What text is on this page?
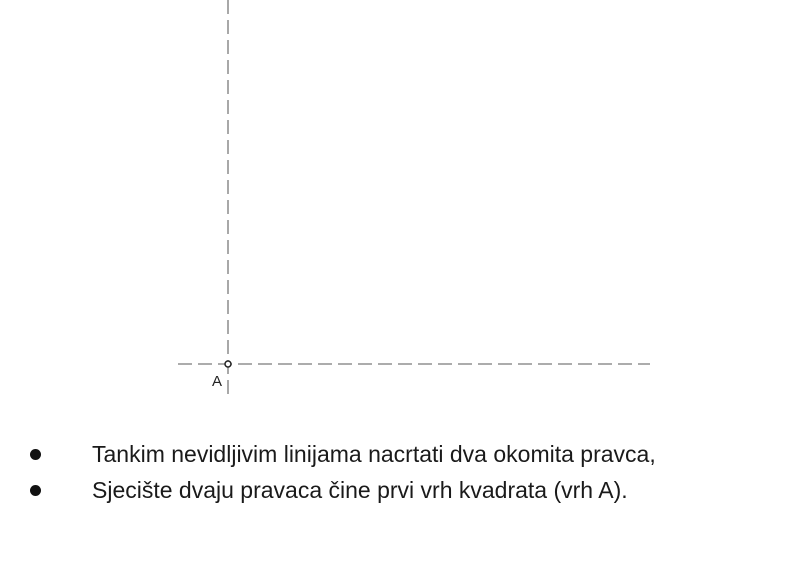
A
Tankim nevidljivim linijama nacrtati dva okomita pravca,
Sjecište dvaju pravaca čine prvi vrh kvadrata (vrh A).
